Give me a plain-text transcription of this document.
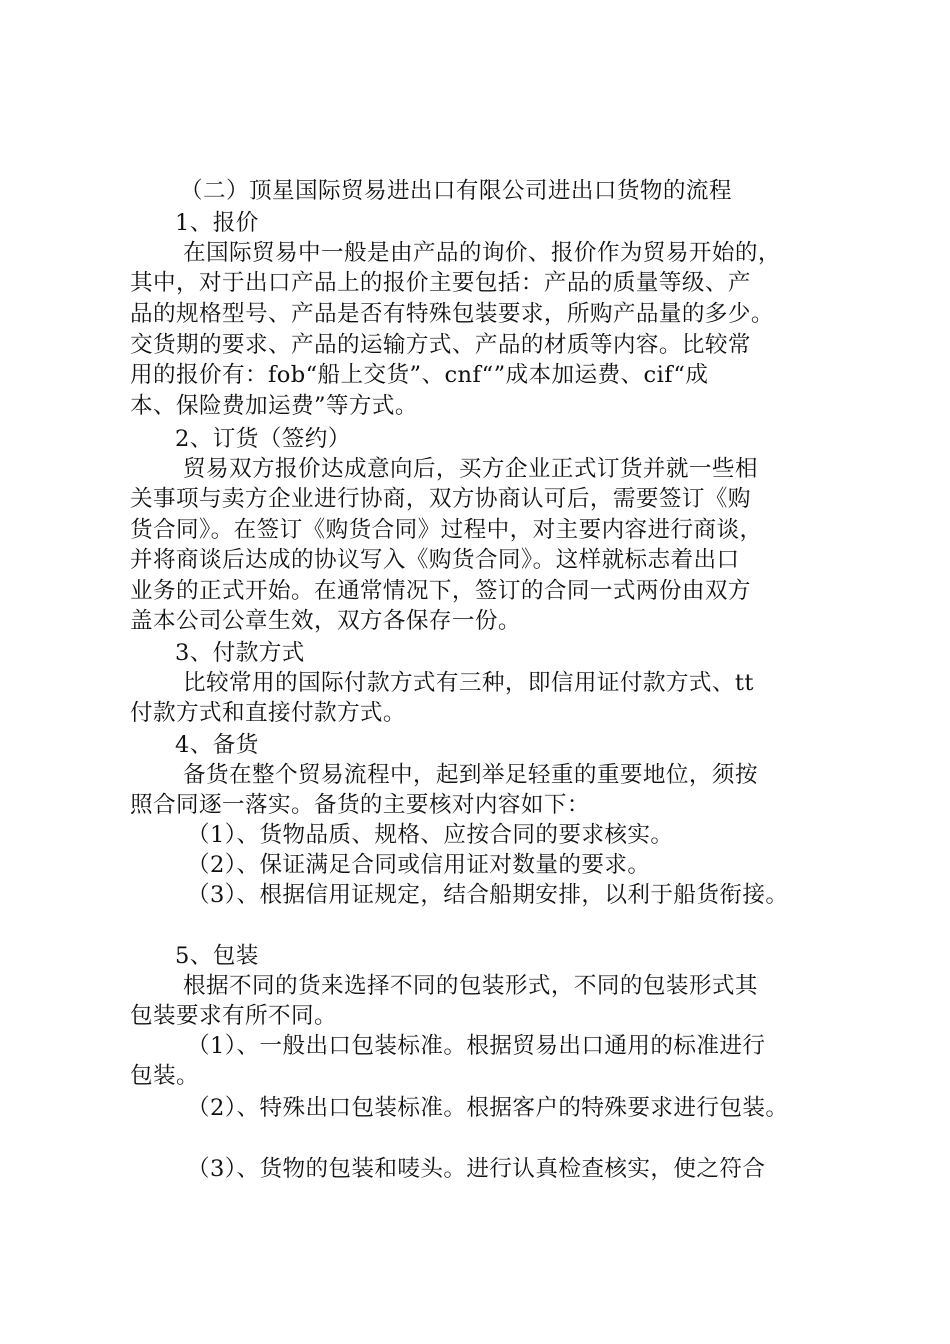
（二）顶星国际贸易进出口有限公司进出口货物的流程
1、报价
在国际贸易中一般是由产品的询价、报价作为贸易开始的，
其中，对于出口产品上的报价主要包括：产品的质量等级、产
品的规格型号、产品是否有特殊包装要求，所购产品量的多少。
交货期的要求、产品的运输方式、产品的材质等内容。比较常
用的报价有：fob“船上交货”、cnf“”成本加运费、cif“成
本、保险费加运费”等方式。
2、订货（签约）
贸易双方报价达成意向后，买方企业正式订货并就一些相
关事项与卖方企业进行协商，双方协商认可后，需要签订《购
货合同》。在签订《购货合同》过程中，对主要内容进行商谈，
并将商谈后达成的协议写入《购货合同》。这样就标志着出口
业务的正式开始。在通常情况下，签订的合同一式两份由双方
盖本公司公章生效，双方各保存一份。
3、付款方式
比较常用的国际付款方式有三种，即信用证付款方式、tt
付款方式和直接付款方式。
4、备货
备货在整个贸易流程中，起到举足轻重的重要地位，须按
照合同逐一落实。备货的主要核对内容如下：
（1）、货物品质、规格、应按合同的要求核实。
（2）、保证满足合同或信用证对数量的要求。
（3）、根据信用证规定，结合船期安排，以利于船货衔接。
5、包装
根据不同的货来选择不同的包装形式，不同的包装形式其
包装要求有所不同。
（1）、一般出口包装标准。根据贸易出口通用的标准进行
包装。
（2）、特殊出口包装标准。根据客户的特殊要求进行包装。
（3）、货物的包装和唛头。进行认真检查核实，使之符合
